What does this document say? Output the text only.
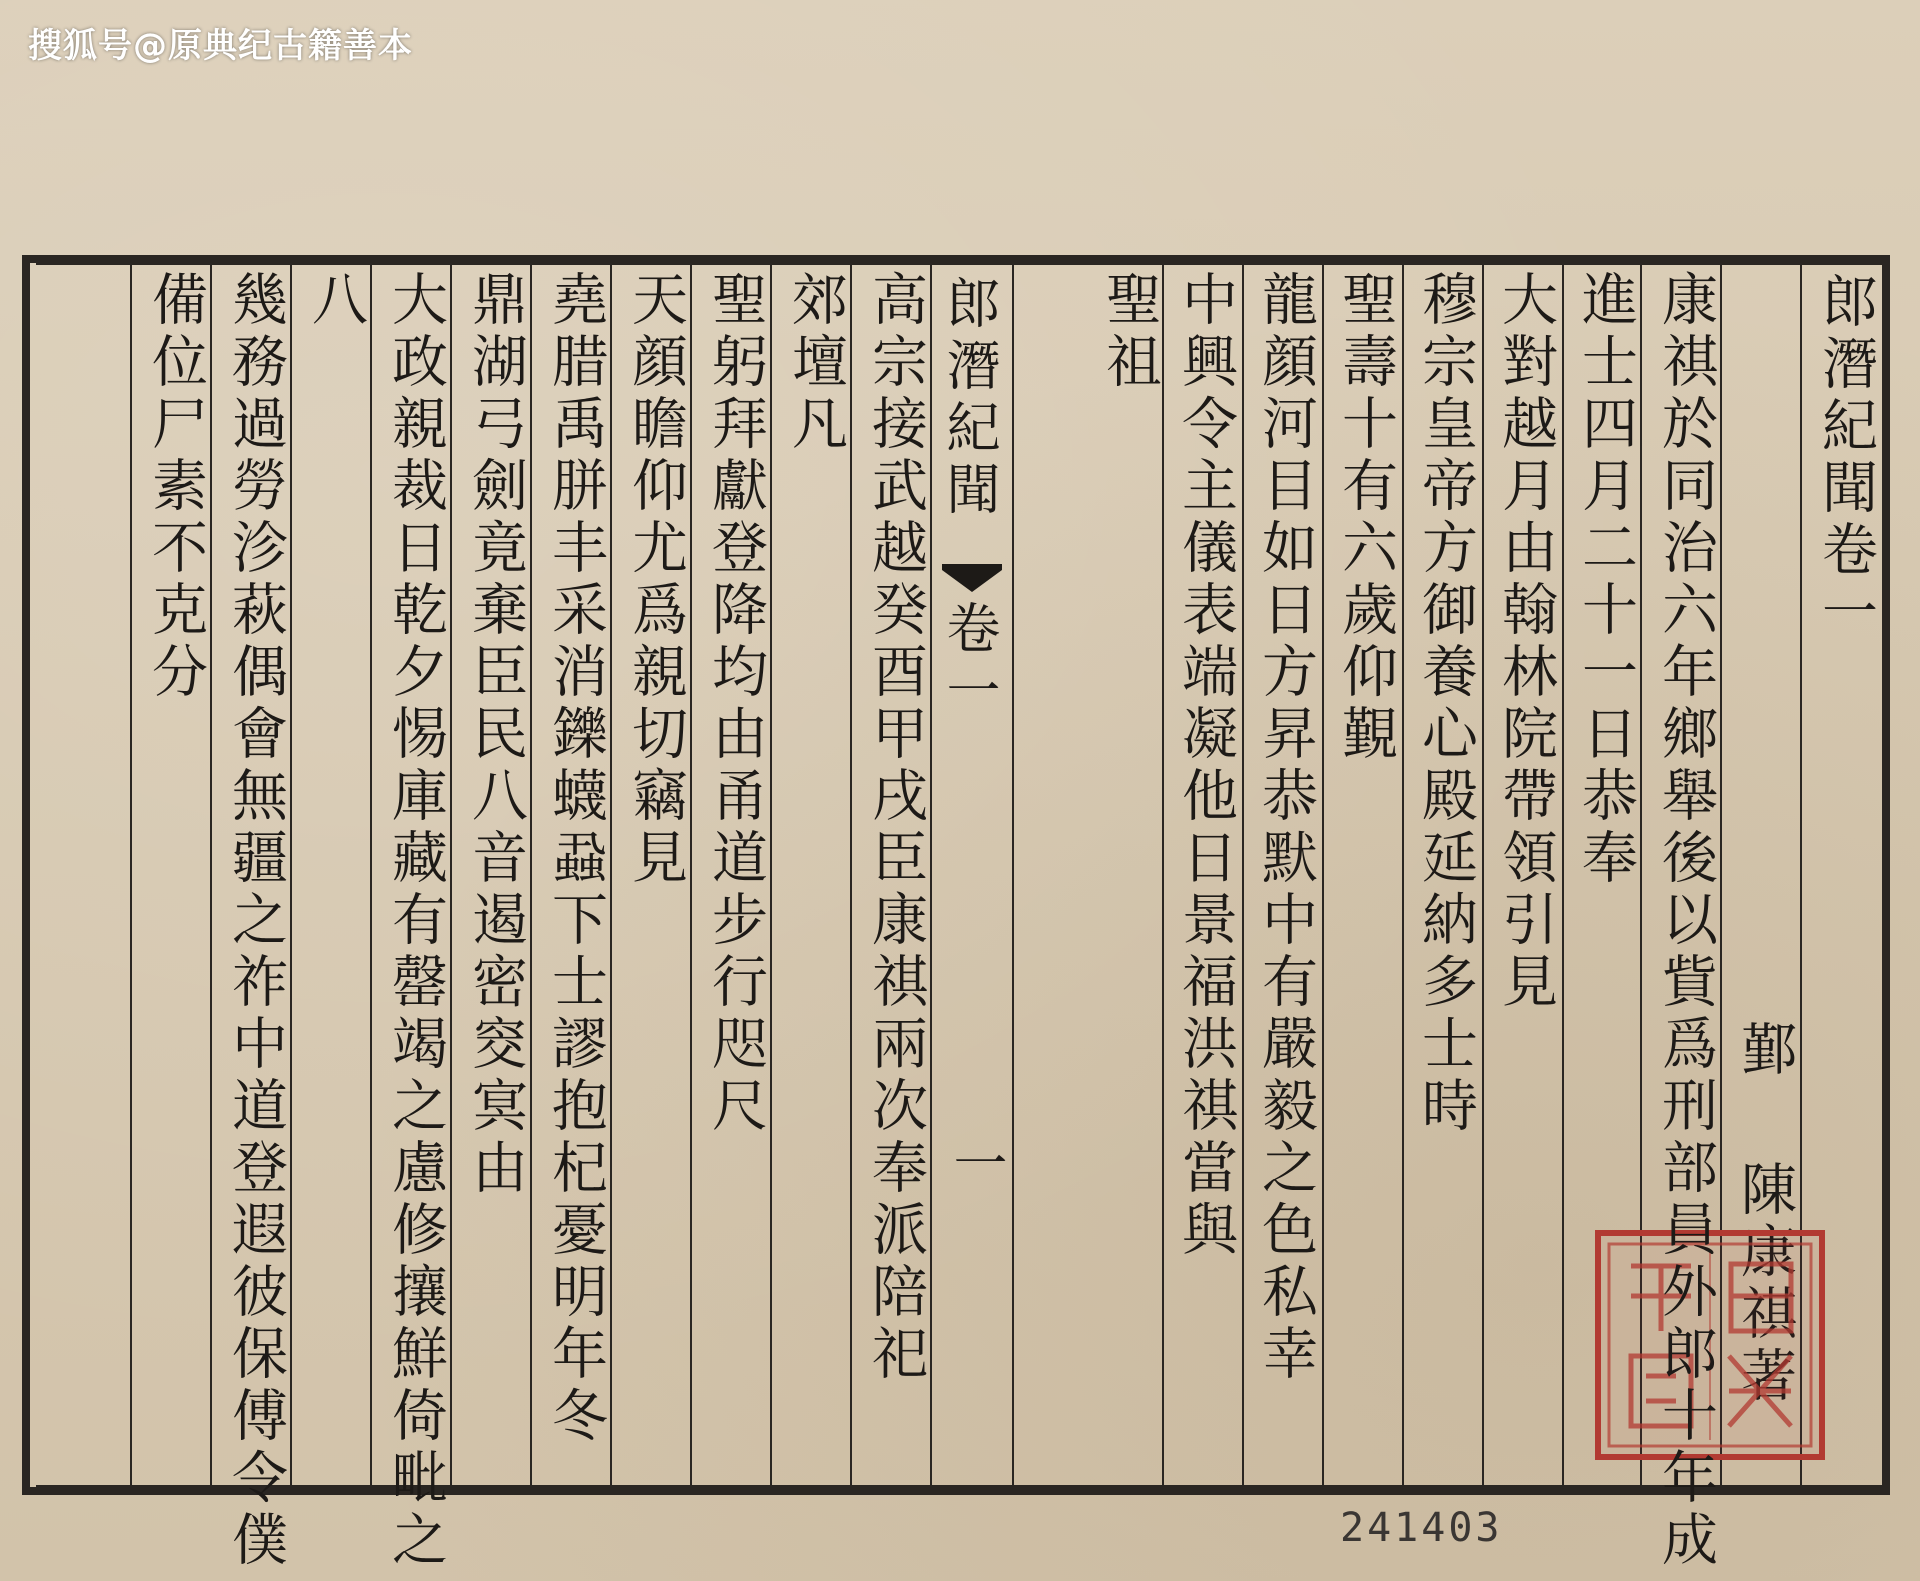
搜狐号@原典纪古籍善本
郎潛紀聞卷一
鄞
陳康祺著
康祺於同治六年鄉舉後以貲爲刑部員外郎十年成
進士四月二十一日恭奉
大對越月由翰林院帶領引見
穆宗皇帝方御養心殿延納多士時
聖壽十有六歲仰覲
龍顔河目如日方昇恭默中有嚴毅之色私幸
中興令主儀表端凝他日景福洪祺當與
聖祖
郎潛紀聞
卷一
一
高宗接武越癸酉甲戌臣康祺兩次奉派陪祀
郊壇凡
聖躬拜獻登降均由甬道步行咫尺
天顔瞻仰尤爲親切竊見
堯腊禹胼丰采消鑠蠛蝨下士謬抱杞憂明年冬
鼎湖弓劍竟棄臣民八音遏密窔㝠由
大政親裁日乾夕惕庫藏有罄竭之慮修攘鮮倚毗之
八
幾務過勞沴萩偶會無疆之祚中道登遐彼保傅令僕
備位尸素不克分
241403
